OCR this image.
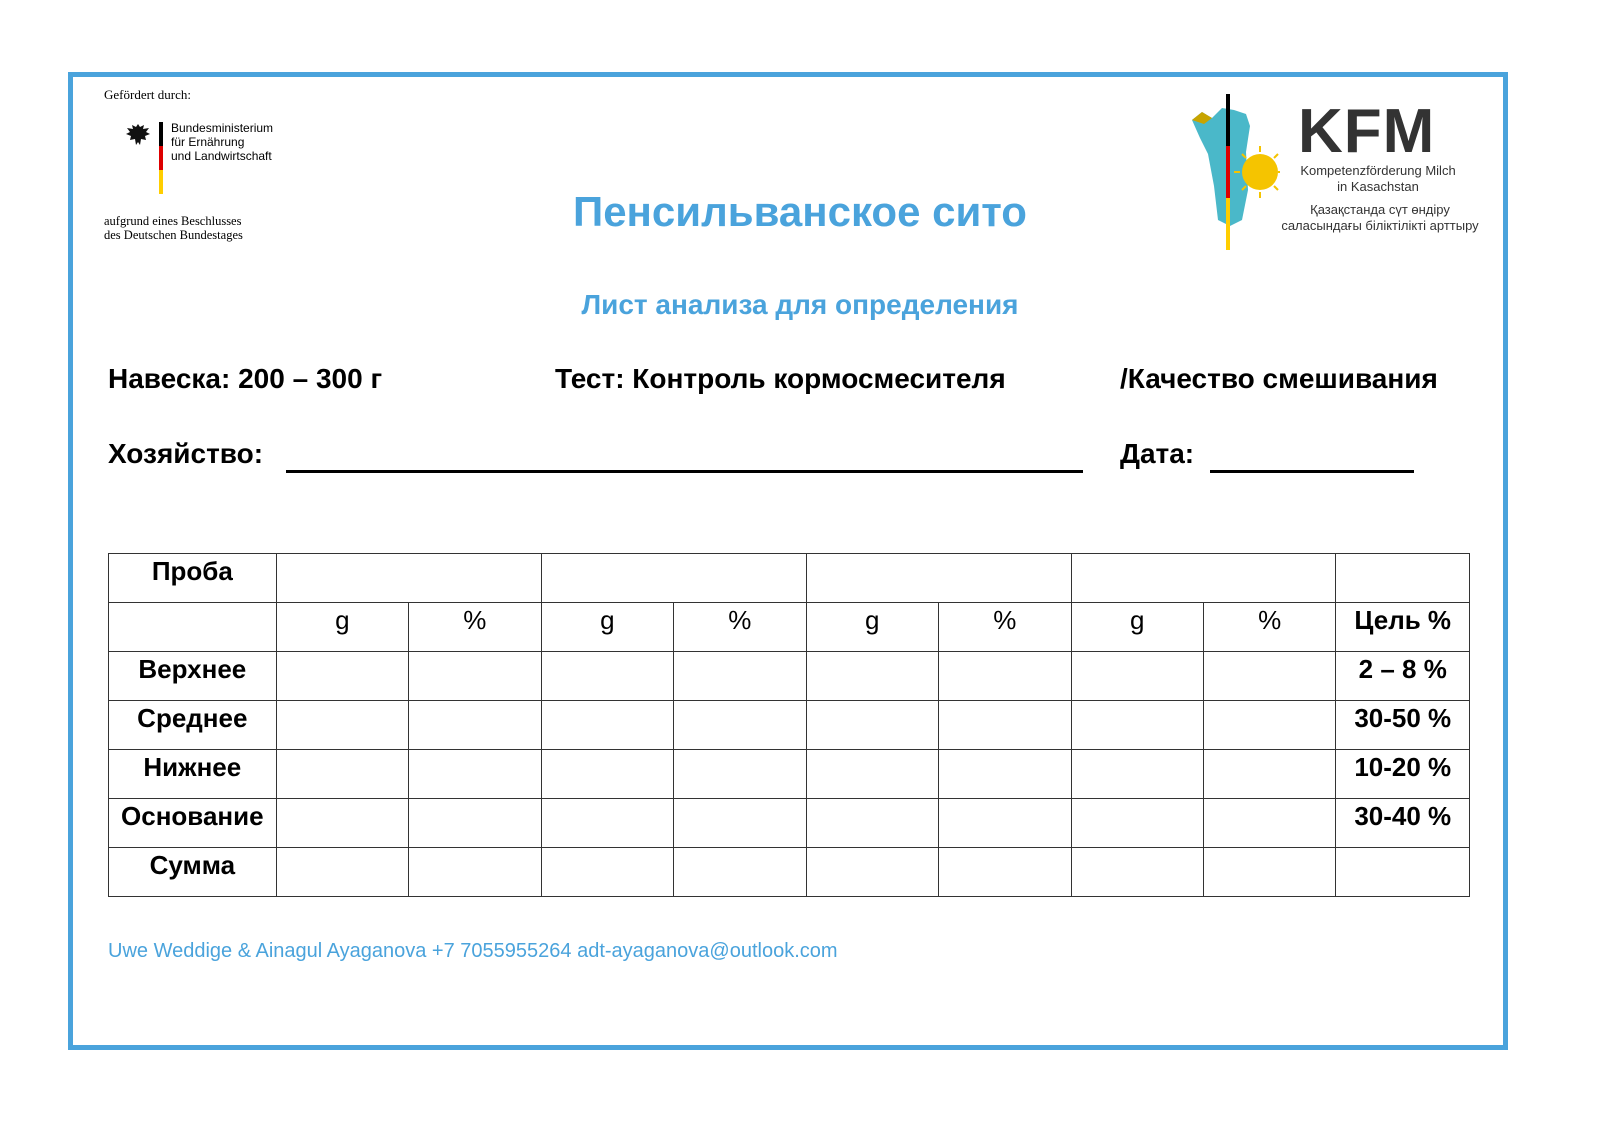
Gefördert durch:
Bundesministerium
für Ernährung
und Landwirtschaft
aufgrund eines Beschlusses
des Deutschen Bundestages
KFM
Kompetenzförderung Milch
in Kasachstan
Қазақстанда сүт өндіру
саласындағы біліктілікті арттыру
Пенсильванское сито
Лист анализа для определения
Навеска: 200 – 300 г	Тест: Контроль кормосмесителя	/Качество смешивания
Хозяйство:	Дата:
Проба									
	g	%	g	%	g	%	g	%	Цель %
Верхнее									2 – 8 %
Среднее									30-50 %
Нижнее									10-20 %
Основание									30-40 %
Сумма									
Uwe Weddige & Ainagul Ayaganova +7 7055955264 adt-ayaganova@outlook.com
